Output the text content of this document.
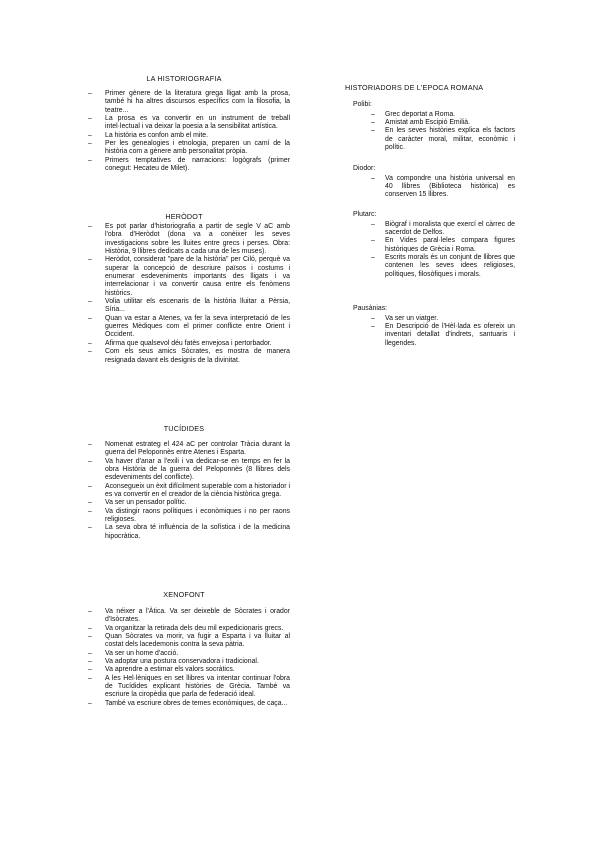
LA HISTORIOGRAFIA

– Primer gènere de la literatura grega lligat amb la prosa, també hi ha altres discursos específics com la filosofia, la teatre...
– La prosa es va convertir en un instrument de treball intel·lectual i va deixar la poesia a la sensibilitat artística.
– La història es confon amb el mite.
– Per les genealogies i etnologia, preparen un camí de la història com a gènere amb personalitat pròpia.
– Primers temptatives de narracions: logògrafs (primer conegut: Hecateu de Milet).

HERÒDOT

– Es pot parlar d'historiografia a partir de segle V aC amb l'obra d'Heròdot (dona va a conèixer les seves investigacions sobre les lluites entre grecs i perses. Obra: Història, 9 llibres dedicats a cada una de les muses).
– Heròdot, considerat "pare de la història" per Ciló, perquè va superar la concepció de descriure països i costums i enumerar esdeveniments importants des lligats i va interrelacionar i va convertir causa entre els fenòmens històrics.
– Volia utilitar els escenaris de la història lluitar a Pèrsia, Síria...
– Quan va estar a Atenes, va fer la seva interpretació de les guerres Mèdiques com el primer conflicte entre Orient i Occident.
– Afirma que qualsevol déu fatès envejosa i pertorbador.
– Com els seus amics Sòcrates, es mostra de manera resignada davant els designis de la divinitat.

TUCÍDIDES

– Nomenat estrateg el 424 aC per controlar Tràcia durant la guerra del Peloponnès entre Atenes i Esparta.
– Va haver d'anar a l'exili i va dedicar-se en temps en fer la obra Història de la guerra del Peloponnès (8 llibres dels esdeveniments del conflicte).
– Aconsegueix un èxit difícilment superable com a historiador i es va convertir en el creador de la ciència històrica grega.
– Va ser un pensador polític.
– Va distingir raons polítiques i econòmiques i no per raons religioses.
– La seva obra té influència de la sofística i de la medicina hipocràtica.

XENOFONT

– Va néixer a l'Àtica. Va ser deixeble de Sòcrates i orador d'Isòcrates.
– Va organitzar la retirada dels deu mil expedicionaris grecs.
– Quan Sòcrates va morir, va fugir a Esparta i va lluitar al costat dels lacedemonis contra la seva pàtria.
– Va ser un home d'acció.
– Va adoptar una postura conservadora i tradicional.
– Va aprendre a estimar els valors socràtics.
– A les Hel·lèniques en set llibres va intentar continuar l'obra de Tucídides explicant històries de Grècia. També va escriure la ciropèdia que parla de federació ideal.
– També va escriure obres de temes econòmiques, de caça...

HISTORIADORS DE L'EPOCA ROMANA

Polibi:

– Grec deportat a Roma.
– Amistat amb Escipió Emilià.
– En les seves històries explica els factors de caràcter moral, militar, econòmic i polític.

Diodor:

– Va compondre una història universal en 40 llibres (Biblioteca històrica) es conserven 15 llibres.

Plutarc:

– Biògraf i moralista que exercí el càrrec de sacerdot de Delfos.
– En Vides paral·leles compara figures històriques de Grècia i Roma.
– Escrits morals és un conjunt de llibres que contenen les seves idees religioses, polítiques, filosòfiques i morals.

Pausànias:

– Va ser un viatger.
– En Descripció de l'Hèl·lada es ofereix un inventari detallat d'indrets, santuaris i llegendes.
